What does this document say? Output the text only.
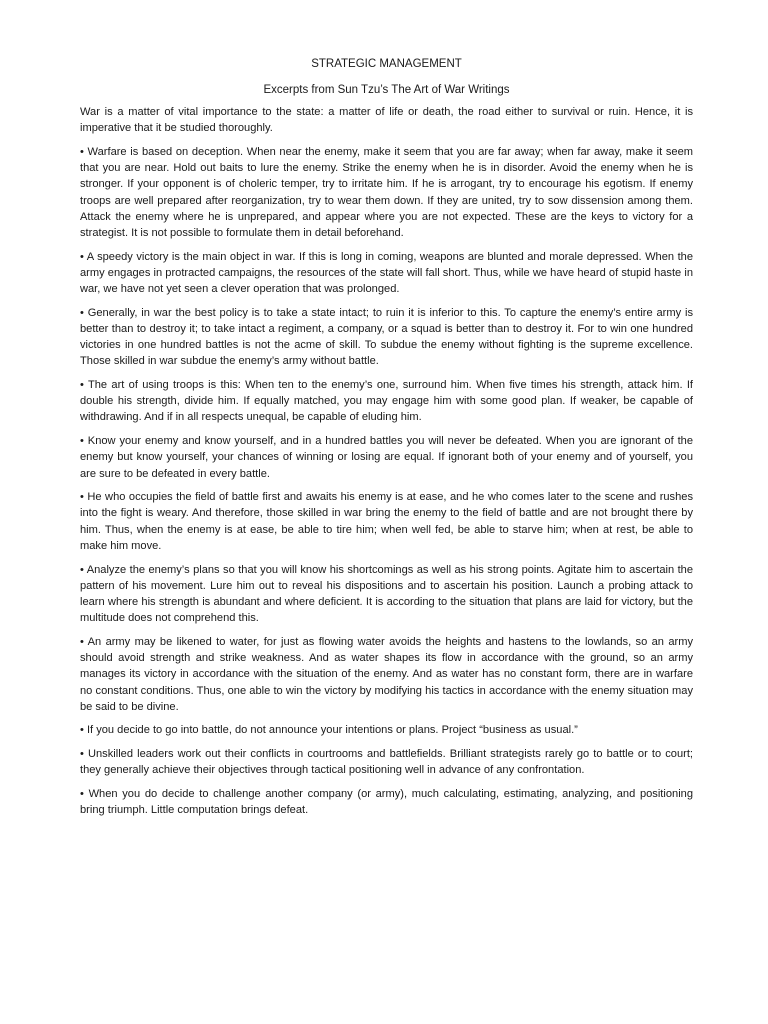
STRATEGIC MANAGEMENT
Excerpts from Sun Tzu’s The Art of War Writings

War is a matter of vital importance to the state: a matter of life or death, the road either to survival or ruin. Hence, it is imperative that it be studied thoroughly.

• Warfare is based on deception. When near the enemy, make it seem that you are far away; when far away, make it seem that you are near. Hold out baits to lure the enemy. Strike the enemy when he is in disorder. Avoid the enemy when he is stronger. If your opponent is of choleric temper, try to irritate him. If he is arrogant, try to encourage his egotism. If enemy troops are well prepared after reorganization, try to wear them down. If they are united, try to sow dissension among them. Attack the enemy where he is unprepared, and appear where you are not expected. These are the keys to victory for a strategist. It is not possible to formulate them in detail beforehand.

• A speedy victory is the main object in war. If this is long in coming, weapons are blunted and morale depressed. When the army engages in protracted campaigns, the resources of the state will fall short. Thus, while we have heard of stupid haste in war, we have not yet seen a clever operation that was prolonged.

• Generally, in war the best policy is to take a state intact; to ruin it is inferior to this. To capture the enemy’s entire army is better than to destroy it; to take intact a regiment, a company, or a squad is better than to destroy it. For to win one hundred victories in one hundred battles is not the acme of skill. To subdue the enemy without fighting is the supreme excellence. Those skilled in war subdue the enemy’s army without battle.

• The art of using troops is this: When ten to the enemy’s one, surround him. When five times his strength, attack him. If double his strength, divide him. If equally matched, you may engage him with some good plan. If weaker, be capable of withdrawing. And if in all respects unequal, be capable of eluding him.

• Know your enemy and know yourself, and in a hundred battles you will never be defeated. When you are ignorant of the enemy but know yourself, your chances of winning or losing are equal. If ignorant both of your enemy and of yourself, you are sure to be defeated in every battle.

• He who occupies the field of battle first and awaits his enemy is at ease, and he who comes later to the scene and rushes into the fight is weary. And therefore, those skilled in war bring the enemy to the field of battle and are not brought there by him. Thus, when the enemy is at ease, be able to tire him; when well fed, be able to starve him; when at rest, be able to make him move.

• Analyze the enemy’s plans so that you will know his shortcomings as well as his strong points. Agitate him to ascertain the pattern of his movement. Lure him out to reveal his dispositions and to ascertain his position. Launch a probing attack to learn where his strength is abundant and where deficient. It is according to the situation that plans are laid for victory, but the multitude does not comprehend this.

• An army may be likened to water, for just as flowing water avoids the heights and hastens to the lowlands, so an army should avoid strength and strike weakness. And as water shapes its flow in accordance with the ground, so an army manages its victory in accordance with the situation of the enemy. And as water has no constant form, there are in warfare no constant conditions. Thus, one able to win the victory by modifying his tactics in accordance with the enemy situation may be said to be divine.

• If you decide to go into battle, do not announce your intentions or plans. Project “business as usual.”

• Unskilled leaders work out their conflicts in courtrooms and battlefields. Brilliant strategists rarely go to battle or to court; they generally achieve their objectives through tactical positioning well in advance of any confrontation.

• When you do decide to challenge another company (or army), much calculating, estimating, analyzing, and positioning bring triumph. Little computation brings defeat.
